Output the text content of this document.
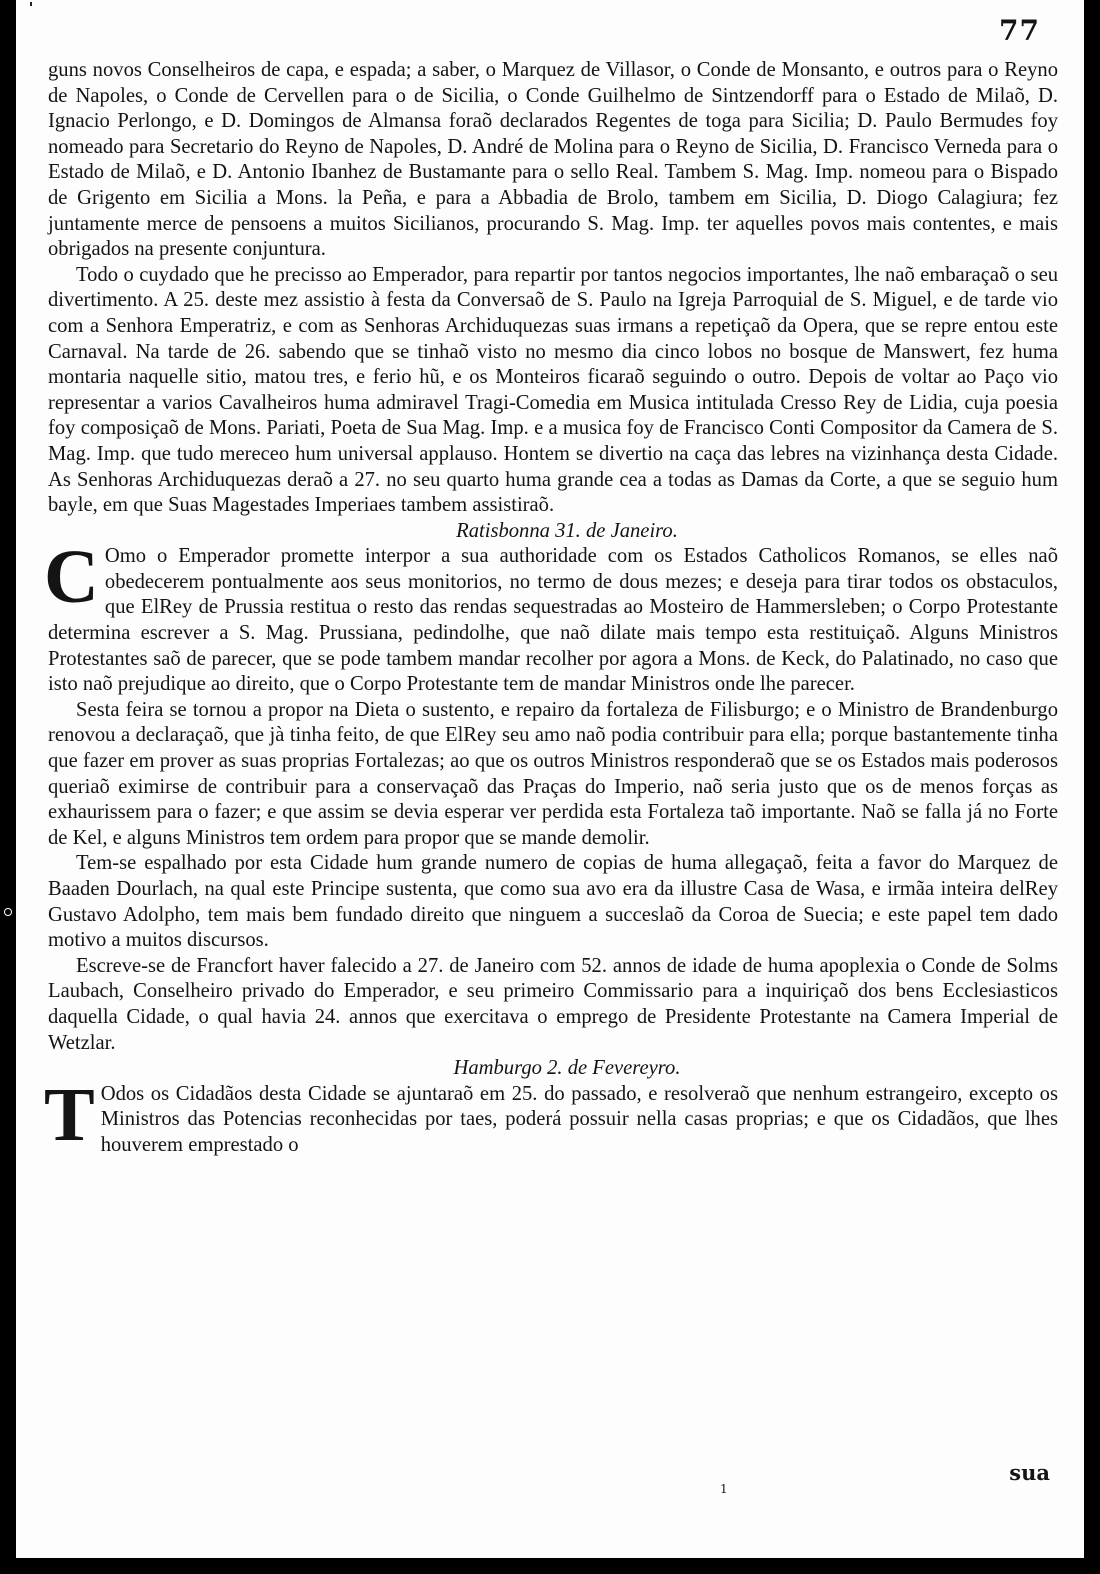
77

guns novos Conselheiros de capa, e espada; a saber, o Marquez de Villasor, o Conde de Monsanto, e outros para o Reyno de Napoles, o Conde de Cervellen para o de Sicilia, o Conde Guilhelmo de Sintzendorff para o Estado de Milaõ, D. Ignacio Perlongo, e D. Domingos de Almansa foraõ declarados Regentes de toga para Sicilia; D. Paulo Bermudes foy nomeado para Secretario do Reyno de Napoles, D. André de Molina para o Reyno de Sicilia, D. Francisco Verneda para o Estado de Milaõ, e D. Antonio Ibanhez de Bustamante para o sello Real. Tambem S. Mag. Imp. nomeou para o Bispado de Grigento em Sicilia a Mons. la Peña, e para a Abbadia de Brolo, tambem em Sicilia, D. Diogo Calagiura; fez juntamente merce de pensoens a muitos Sicilianos, procurando S. Mag. Imp. ter aquelles povos mais contentes, e mais obrigados na presente conjuntura.

Todo o cuydado que he precisso ao Emperador, para repartir por tantos negocios importantes, lhe naõ embaraçaõ o seu divertimento. A 25. deste mez assistio à festa da Conversaõ de S. Paulo na Igreja Parroquial de S. Miguel, e de tarde vio com a Senhora Emperatriz, e com as Senhoras Archiduquezas suas irmans a repetiçaõ da Opera, que se repre entou este Carnaval. Na tarde de 26. sabendo que se tinhaõ visto no mesmo dia cinco lobos no bosque de Manswert, fez huma montaria naquelle sitio, matou tres, e ferio hũ, e os Monteiros ficaraõ seguindo o outro. Depois de voltar ao Paço vio representar a varios Cavalheiros huma admiravel Tragi-Comedia em Musica intitulada Cresso Rey de Lidia, cuja poesia foy composiçaõ de Mons. Pariati, Poeta de Sua Mag. Imp. e a musica foy de Francisco Conti Compositor da Camera de S. Mag. Imp. que tudo mereceo hum universal applauso. Hontem se divertio na caça das lebres na vizinhança desta Cidade. As Senhoras Archiduquezas deraõ a 27. no seu quarto huma grande cea a todas as Damas da Corte, a que se seguio hum bayle, em que Suas Magestades Imperiaes tambem assistiraõ.

Ratisbonna 31. de Janeiro.

C Omo o Emperador promette interpor a sua authoridade com os Estados Catholicos Romanos, se elles naõ obedecerem pontualmente aos seus monitorios, no termo de dous mezes; e deseja para tirar todos os obstaculos, que ElRey de Prussia restitua o resto das rendas sequestradas ao Mosteiro de Hammersleben; o Corpo Protestante determina escrever a S. Mag. Prussiana, pedindolhe, que naõ dilate mais tempo esta restituiçaõ. Alguns Ministros Protestantes saõ de parecer, que se pode tambem mandar recolher por agora a Mons. de Keck, do Palatinado, no caso que isto naõ prejudique ao direito, que o Corpo Protestante tem de mandar Ministros onde lhe parecer.

Sesta feira se tornou a propor na Dieta o sustento, e repairo da fortaleza de Filisburgo; e o Ministro de Brandenburgo renovou a declaraçaõ, que jà tinha feito, de que ElRey seu amo naõ podia contribuir para ella; porque bastantemente tinha que fazer em prover as suas proprias Fortalezas; ao que os outros Ministros responderaõ que se os Estados mais poderosos queriaõ eximirse de contribuir para a conservaçaõ das Praças do Imperio, naõ seria justo que os de menos forças as exhaurissem para o fazer; e que assim se devia esperar ver perdida esta Fortaleza taõ importante. Naõ se falla já no Forte de Kel, e alguns Ministros tem ordem para propor que se mande demolir.

Tem-se espalhado por esta Cidade hum grande numero de copias de huma allegaçaõ, feita a favor do Marquez de Baaden Dourlach, na qual este Principe sustenta, que como sua avo era da illustre Casa de Wasa, e irmãa inteira delRey Gustavo Adolpho, tem mais bem fundado direito que ninguem a succeslaõ da Coroa de Suecia; e este papel tem dado motivo a muitos discursos.

Escreve-se de Francfort haver falecido a 27. de Janeiro com 52. annos de idade de huma apoplexia o Conde de Solms Laubach, Conselheiro privado do Emperador, e seu primeiro Commissario para a inquiriçaõ dos bens Ecclesiasticos daquella Cidade, o qual havia 24. annos que exercitava o emprego de Presidente Protestante na Camera Imperial de Wetzlar.

Hamburgo 2. de Fevereyro.

T Odos os Cidadãos desta Cidade se ajuntaraõ em 25. do passado, e resolveraõ que nenhum estrangeiro, excepto os Ministros das Potencias reconhecidas por taes, poderá possuir nella casas proprias; e que os Cidadãos, que lhes houverem emprestado o

sua
1
